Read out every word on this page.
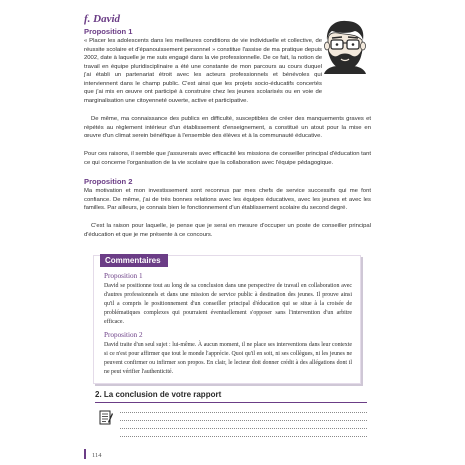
f. David
Proposition 1

« Placer les adolescents dans les meilleures conditions de vie individuelle et collective, de réussite scolaire et d'épanouissement personnel » constitue l'assise de ma pratique depuis 2002, date à laquelle je me suis engagé dans la vie professionnelle. De ce fait, la notion de travail en équipe pluridisciplinaire a été une constante de mon parcours au cours duquel j'ai établi un partenariat étroit avec les acteurs professionnels et bénévoles qui interviennent dans le champ public. C'est ainsi que les projets socio-éducatifs concertés que j'ai mis en œuvre ont participé à construire chez les jeunes scolarisés ou en voie de marginalisation une citoyenneté ouverte, active et participative.

De même, ma connaissance des publics en difficulté, susceptibles de créer des manquements graves et répétés au règlement intérieur d'un établissement d'enseignement, a constitué un atout pour la mise en œuvre d'un climat serein bénéfique à l'ensemble des élèves et à la communauté éducative.

Pour ces raisons, il semble que j'assurerais avec efficacité les missions de conseiller principal d'éducation tant ce qui concerne l'organisation de la vie scolaire que la collaboration avec l'équipe pédagogique.

Proposition 2

Ma motivation et mon investissement sont reconnus par mes chefs de service successifs qui me font confiance. De même, j'ai de très bonnes relations avec les équipes éducatives, avec les jeunes et avec les familles. Par ailleurs, je connais bien le fonctionnement d'un établissement scolaire du second degré.

C'est la raison pour laquelle, je pense que je serai en mesure d'occuper un poste de conseiller principal d'éducation et que je me présente à ce concours.

Commentaires
Proposition 1

David se positionne tout au long de sa conclusion dans une perspective de travail en collaboration avec d'autres professionnels et dans une mission de service public à destination des jeunes. Il prouve ainsi qu'il a compris le positionnement d'un conseiller principal d'éducation qui se situe à la croisée de problématiques complexes qui pourraient éventuellement s'opposer sans l'intervention d'un arbitre efficace.

Proposition 2

David traite d'un seul sujet : lui-même. À aucun moment, il ne place ses interventions dans leur contexte si ce n'est pour affirmer que tout le monde l'apprécie. Quoi qu'il en soit, ni ses collègues, ni les jeunes ne peuvent confirmer ou infirmer son propos. En clair, le lecteur doit donner crédit à des allégations dont il ne peut vérifier l'authenticité.

2. La conclusion de votre rapport
114
